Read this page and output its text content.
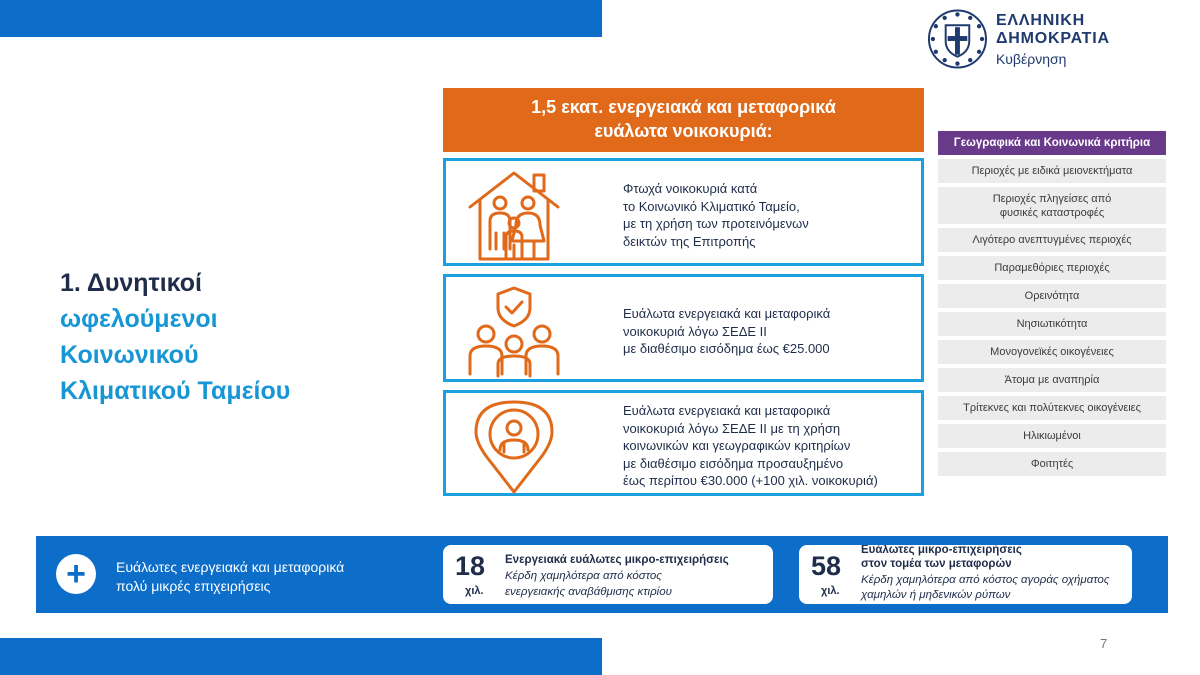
ΕΛΛΗΝΙΚΗ ΔΗΜΟΚΡΑΤΙΑ
Κυβέρνηση
1. Δυνητικοί
ωφελούμενοι
Κοινωνικού
Κλιματικού Ταμείου
1,5 εκατ. ενεργειακά και μεταφορικά
ευάλωτα νοικοκυριά:
Φτωχά νοικοκυριά κατά
το Κοινωνικό Κλιματικό Ταμείο,
με τη χρήση των προτεινόμενων
δεικτών της Επιτροπής
Ευάλωτα ενεργειακά και μεταφορικά
νοικοκυριά λόγω ΣΕΔΕ ΙΙ
με διαθέσιμο εισόδημα έως €25.000
Ευάλωτα ενεργειακά και μεταφορικά
νοικοκυριά λόγω ΣΕΔΕ ΙΙ με τη χρήση
κοινωνικών και γεωγραφικών κριτηρίων
με διαθέσιμο εισόδημα προσαυξημένο
έως περίπου €30.000 (+100 χιλ. νοικοκυριά)
Γεωγραφικά και Κοινωνικά κριτήρια
Περιοχές με ειδικά μειονεκτήματα
Περιοχές πληγείσες από
φυσικές καταστροφές
Λιγότερο ανεπτυγμένες περιοχές
Παραμεθόριες περιοχές
Ορεινότητα
Νησιωτικότητα
Μονογονεϊκές οικογένειες
Άτομα με αναπηρία
Τρίτεκνες και πολύτεκνες οικογένειες
Ηλικιωμένοι
Φοιτητές
+	Ευάλωτες ενεργειακά και μεταφορικά
πολύ μικρές επιχειρήσεις
18
χιλ.
Ενεργειακά ευάλωτες μικρο-επιχειρήσεις
Κέρδη χαμηλότερα από κόστος
ενεργειακής αναβάθμισης κτιρίου
58
χιλ.
Ευάλωτες μικρο-επιχειρήσεις
στον τομέα των μεταφορών
Κέρδη χαμηλότερα από κόστος αγοράς οχήματος
χαμηλών ή μηδενικών ρύπων
7
